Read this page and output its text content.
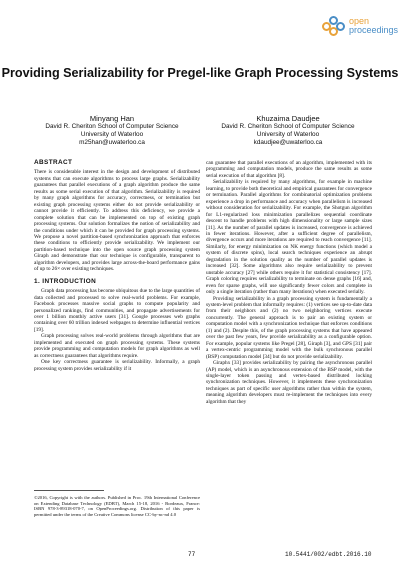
open
proceedings
Providing Serializability for Pregel-like Graph Processing Systems
Minyang Han
David R. Cheriton School of Computer Science
University of Waterloo
m25han@uwaterloo.ca
Khuzaima Daudjee
David R. Cheriton School of Computer Science
University of Waterloo
kdaudjee@uwaterloo.ca
ABSTRACT

There is considerable interest in the design and development of distributed systems that can execute algorithms to process large graphs. Serializability guarantees that parallel executions of a graph algorithm produce the same results as some serial execution of that algorithm. Serializability is required by many graph algorithms for accuracy, correctness, or termination but existing graph processing systems either do not provide serializability or cannot provide it efficiently. To address this deficiency, we provide a complete solution that can be implemented on top of existing graph processing systems. Our solution formalizes the notion of serializability and the conditions under which it can be provided for graph processing systems. We propose a novel partition-based synchronization approach that enforces these conditions to efficiently provide serializability. We implement our partition-based technique into the open source graph processing system Giraph and demonstrate that our technique is configurable, transparent to algorithm developers, and provides large across-the-board performance gains of up to 26× over existing techniques.

1. INTRODUCTION

Graph data processing has become ubiquitous due to the large quantities of data collected and processed to solve real-world problems. For example, Facebook processes massive social graphs to compute popularity and personalized rankings, find communities, and propagate advertisements for over 1 billion monthly active users [31]. Google processes web graphs containing over 60 trillion indexed webpages to determine influential vertices [19].

Graph processing solves real-world problems through algorithms that are implemented and executed on graph processing systems. These systems provide programming and computation models for graph algorithms as well as correctness guarantees that algorithms require.

One key correctness guarantee is serializability. Informally, a graph processing system provides serializability if it

©2016, Copyright is with the authors. Published in Proc. 19th International Conference on Extending Database Technology (EDBT), March 15-18, 2016 - Bordeaux, France: ISBN 978-3-89318-070-7, on OpenProceedings.org. Distribution of this paper is permitted under the terms of the Creative Commons license CC-by-nc-nd 4.0

can guarantee that parallel executions of an algorithm, implemented with its programming and computation models, produce the same results as some serial execution of that algorithm [8].

Serializability is required by many algorithms, for example in machine learning, to provide both theoretical and empirical guarantees for convergence or termination. Parallel algorithms for combinatorial optimization problems experience a drop in performance and accuracy when parallelism is increased without consideration for serializability. For example, the Shotgun algorithm for L1-regularized loss minimization parallelizes sequential coordinate descent to handle problems with high dimensionality or large sample sizes [11]. As the number of parallel updates is increased, convergence is achieved in fewer iterations. However, after a sufficient degree of parallelism, divergence occurs and more iterations are required to reach convergence [11]. Similarly, for energy minimization on NK energy functions (which model a system of discrete spins), local search techniques experience an abrupt degradation in the solution quality as the number of parallel updates is increased [32]. Some algorithms also require serializability to prevent unstable accuracy [27] while others require it for statistical consistency [17]. Graph coloring requires serializability to terminate on dense graphs [16] and, even for sparse graphs, will use significantly fewer colors and complete in only a single iteration (rather than many iterations) when executed serially.

Providing serializability in a graph processing system is fundamentally a system-level problem that informally requires: (1) vertices see up-to-date data from their neighbors and (2) no two neighboring vertices execute concurrently. The general approach is to pair an existing system or computation model with a synchronization technique that enforces conditions (1) and (2). Despite this, of the graph processing systems that have appeared over the past few years, few provide serializability as a configurable option. For example, popular systems like Pregel [28], Giraph [3], and GPS [31] pair a vertex-centric programming model with the bulk synchronous parallel (BSP) computation model [34] but do not provide serializability.

Giraphx [33] provides serializability by pairing the asynchronous parallel (AP) model, which is an asynchronous extension of the BSP model, with the single-layer token passing and vertex-based distributed locking synchronization techniques. However, it implements these synchronization techniques as part of specific user algorithms rather than within the system, meaning algorithm developers must re-implement the techniques into every algorithm that they

77	10.5441/002/edbt.2016.10
